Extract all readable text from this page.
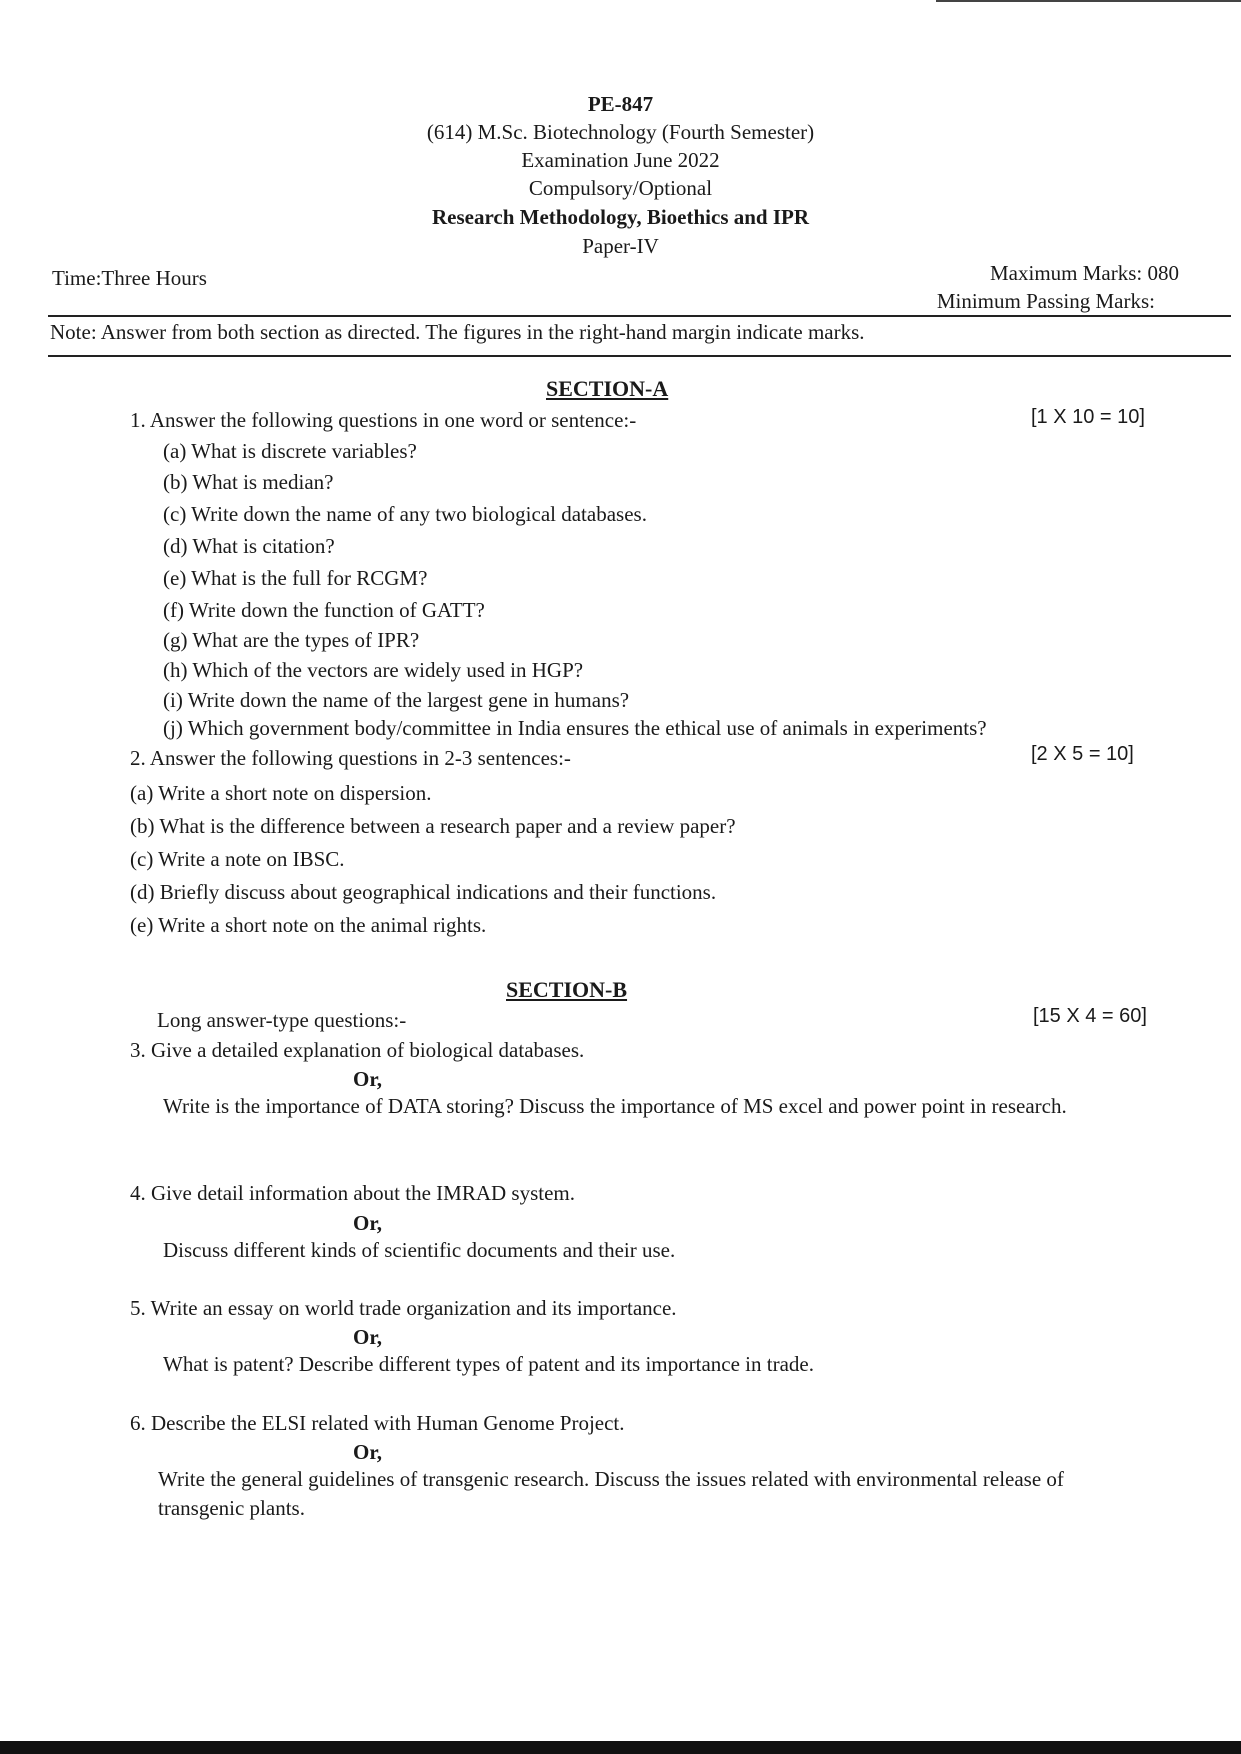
PE-847
(614) M.Sc. Biotechnology (Fourth Semester)
Examination June 2022
Compulsory/Optional
Research Methodology, Bioethics and IPR
Paper-IV
Time:Three Hours	Maximum Marks: 080
Minimum Passing Marks:
Note: Answer from both section as directed. The figures in the right-hand margin indicate marks.
SECTION-A
1. Answer the following questions in one word or sentence:-	[1 X 10 = 10]
(a) What is discrete variables?
(b) What is median?
(c) Write down the name of any two biological databases.
(d) What is citation?
(e) What is the full for RCGM?
(f) Write down the function of GATT?
(g) What are the types of IPR?
(h) Which of the vectors are widely used in HGP?
(i) Write down the name of the largest gene in humans?
(j) Which government body/committee in India ensures the ethical use of animals in experiments?
2. Answer the following questions in 2-3 sentences:-	[2 X 5 = 10]
(a) Write a short note on dispersion.
(b) What is the difference between a research paper and a review paper?
(c) Write a note on IBSC.
(d) Briefly discuss about geographical indications and their functions.
(e) Write a short note on the animal rights.
SECTION-B
Long answer-type questions:-	[15 X 4 = 60]
3. Give a detailed explanation of biological databases.
Or,
Write is the importance of DATA storing? Discuss the importance of MS excel and power point in research.
4. Give detail information about the IMRAD system.
Or,
Discuss different kinds of scientific documents and their use.
5. Write an essay on world trade organization and its importance.
Or,
What is patent? Describe different types of patent and its importance in trade.
6. Describe the ELSI related with Human Genome Project.
Or,
Write the general guidelines of transgenic research. Discuss the issues related with environmental release of transgenic plants.
